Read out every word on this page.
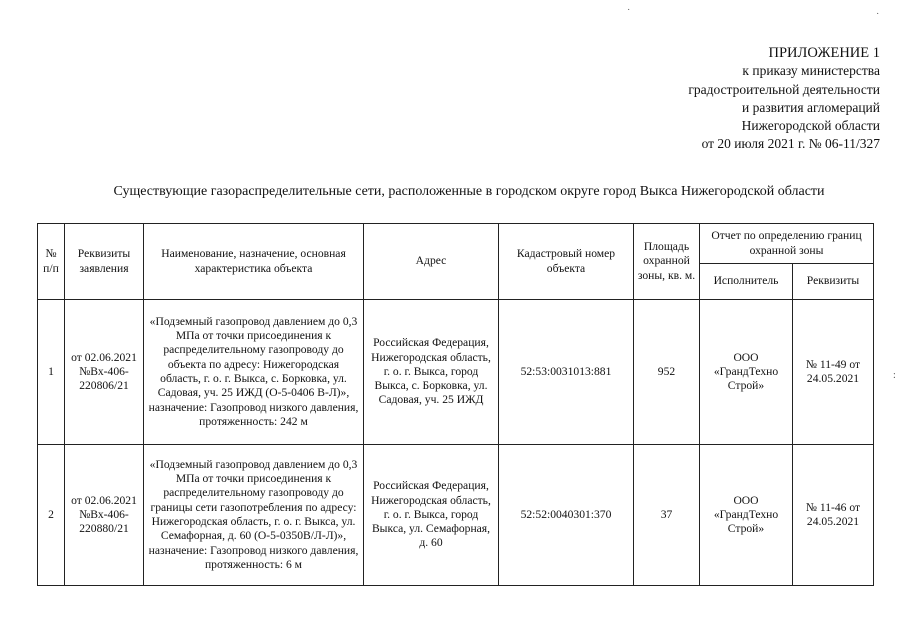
ПРИЛОЖЕНИЕ 1
к приказу министерства
градостроительной деятельности
и развития агломераций
Нижегородской области
от 20 июля 2021 г. № 06-11/327
Существующие газораспределительные сети, расположенные в городском округе город Выкса Нижегородской области
№ п/п	Реквизиты заявления	Наименование, назначение, основная характеристика объекта	Адрес	Кадастровый номер объекта	Площадь охранной зоны, кв. м.	Отчет по определению границ охранной зоны	
						Исполнитель	Реквизиты
1	от 02.06.2021 №Вх-406-220806/21	«Подземный газопровод давлением до 0,3 МПа от точки присоединения к распределительному газопроводу до объекта по адресу: Нижегородская область, г. о. г. Выкса, с. Борковка, ул. Садовая, уч. 25 ИЖД (О-5-0406 В-Л)», назначение: Газопровод низкого давления, протяженность: 242 м	Российская Федерация, Нижегородская область, г. о. г. Выкса, город Выкса, с. Борковка, ул. Садовая, уч. 25 ИЖД	52:53:0031013:881	952	ООО «ГрандТехно Строй»	№ 11-49 от 24.05.2021
2	от 02.06.2021 №Вх-406-220880/21	«Подземный газопровод давлением до 0,3 МПа от точки присоединения к распределительному газопроводу до границы сети газопотребления по адресу: Нижегородская область, г. о. г. Выкса, ул. Семафорная, д. 60 (О-5-0350В/Л-Л)», назначение: Газопровод низкого давления, протяженность: 6 м	Российская Федерация, Нижегородская область, г. о. г. Выкса, город Выкса, ул. Семафорная, д. 60	52:52:0040301:370	37	ООО «ГрандТехно Строй»	№ 11-46 от 24.05.2021
˙	˙
:
